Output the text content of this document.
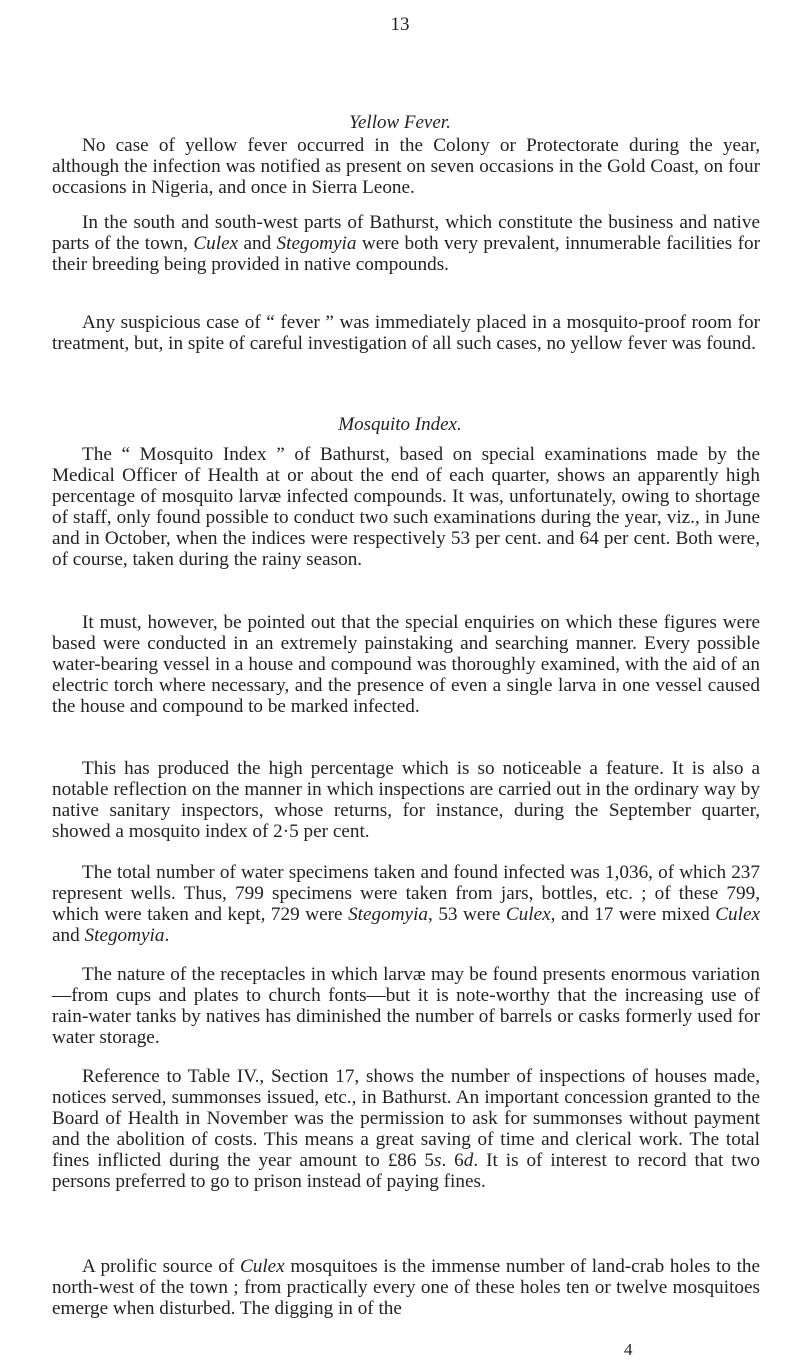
13
Yellow Fever.

No case of yellow fever occurred in the Colony or Protectorate during the year, although the infection was notified as present on seven occasions in the Gold Coast, on four occasions in Nigeria, and once in Sierra Leone.

In the south and south-west parts of Bathurst, which constitute the business and native parts of the town, Culex and Stegomyia were both very prevalent, innumerable facilities for their breeding being provided in native compounds.

Any suspicious case of “ fever ” was immediately placed in a mosquito-proof room for treatment, but, in spite of careful investigation of all such cases, no yellow fever was found.

Mosquito Index.

The “ Mosquito Index ” of Bathurst, based on special examinations made by the Medical Officer of Health at or about the end of each quarter, shows an apparently high percentage of mosquito larvæ infected compounds. It was, unfortunately, owing to shortage of staff, only found possible to conduct two such examinations during the year, viz., in June and in October, when the indices were respectively 53 per cent. and 64 per cent. Both were, of course, taken during the rainy season.

It must, however, be pointed out that the special enquiries on which these figures were based were conducted in an extremely painstaking and searching manner. Every possible water-bearing vessel in a house and compound was thoroughly examined, with the aid of an electric torch where necessary, and the presence of even a single larva in one vessel caused the house and compound to be marked infected.

This has produced the high percentage which is so noticeable a feature. It is also a notable reflection on the manner in which inspections are carried out in the ordinary way by native sanitary inspectors, whose returns, for instance, during the September quarter, showed a mosquito index of 2·5 per cent.

The total number of water specimens taken and found infected was 1,036, of which 237 represent wells. Thus, 799 specimens were taken from jars, bottles, etc. ; of these 799, which were taken and kept, 729 were Stegomyia, 53 were Culex, and 17 were mixed Culex and Stegomyia.

The nature of the receptacles in which larvæ may be found presents enormous variation—from cups and plates to church fonts—but it is note-worthy that the increasing use of rain-water tanks by natives has diminished the number of barrels or casks formerly used for water storage.

Reference to Table IV., Section 17, shows the number of inspections of houses made, notices served, summonses issued, etc., in Bathurst. An important concession granted to the Board of Health in November was the permission to ask for summonses without payment and the abolition of costs. This means a great saving of time and clerical work. The total fines inflicted during the year amount to £86 5s. 6d. It is of interest to record that two persons preferred to go to prison instead of paying fines.

A prolific source of Culex mosquitoes is the immense number of land-crab holes to the north-west of the town ; from practically every one of these holes ten or twelve mosquitoes emerge when disturbed. The digging in of the

4
